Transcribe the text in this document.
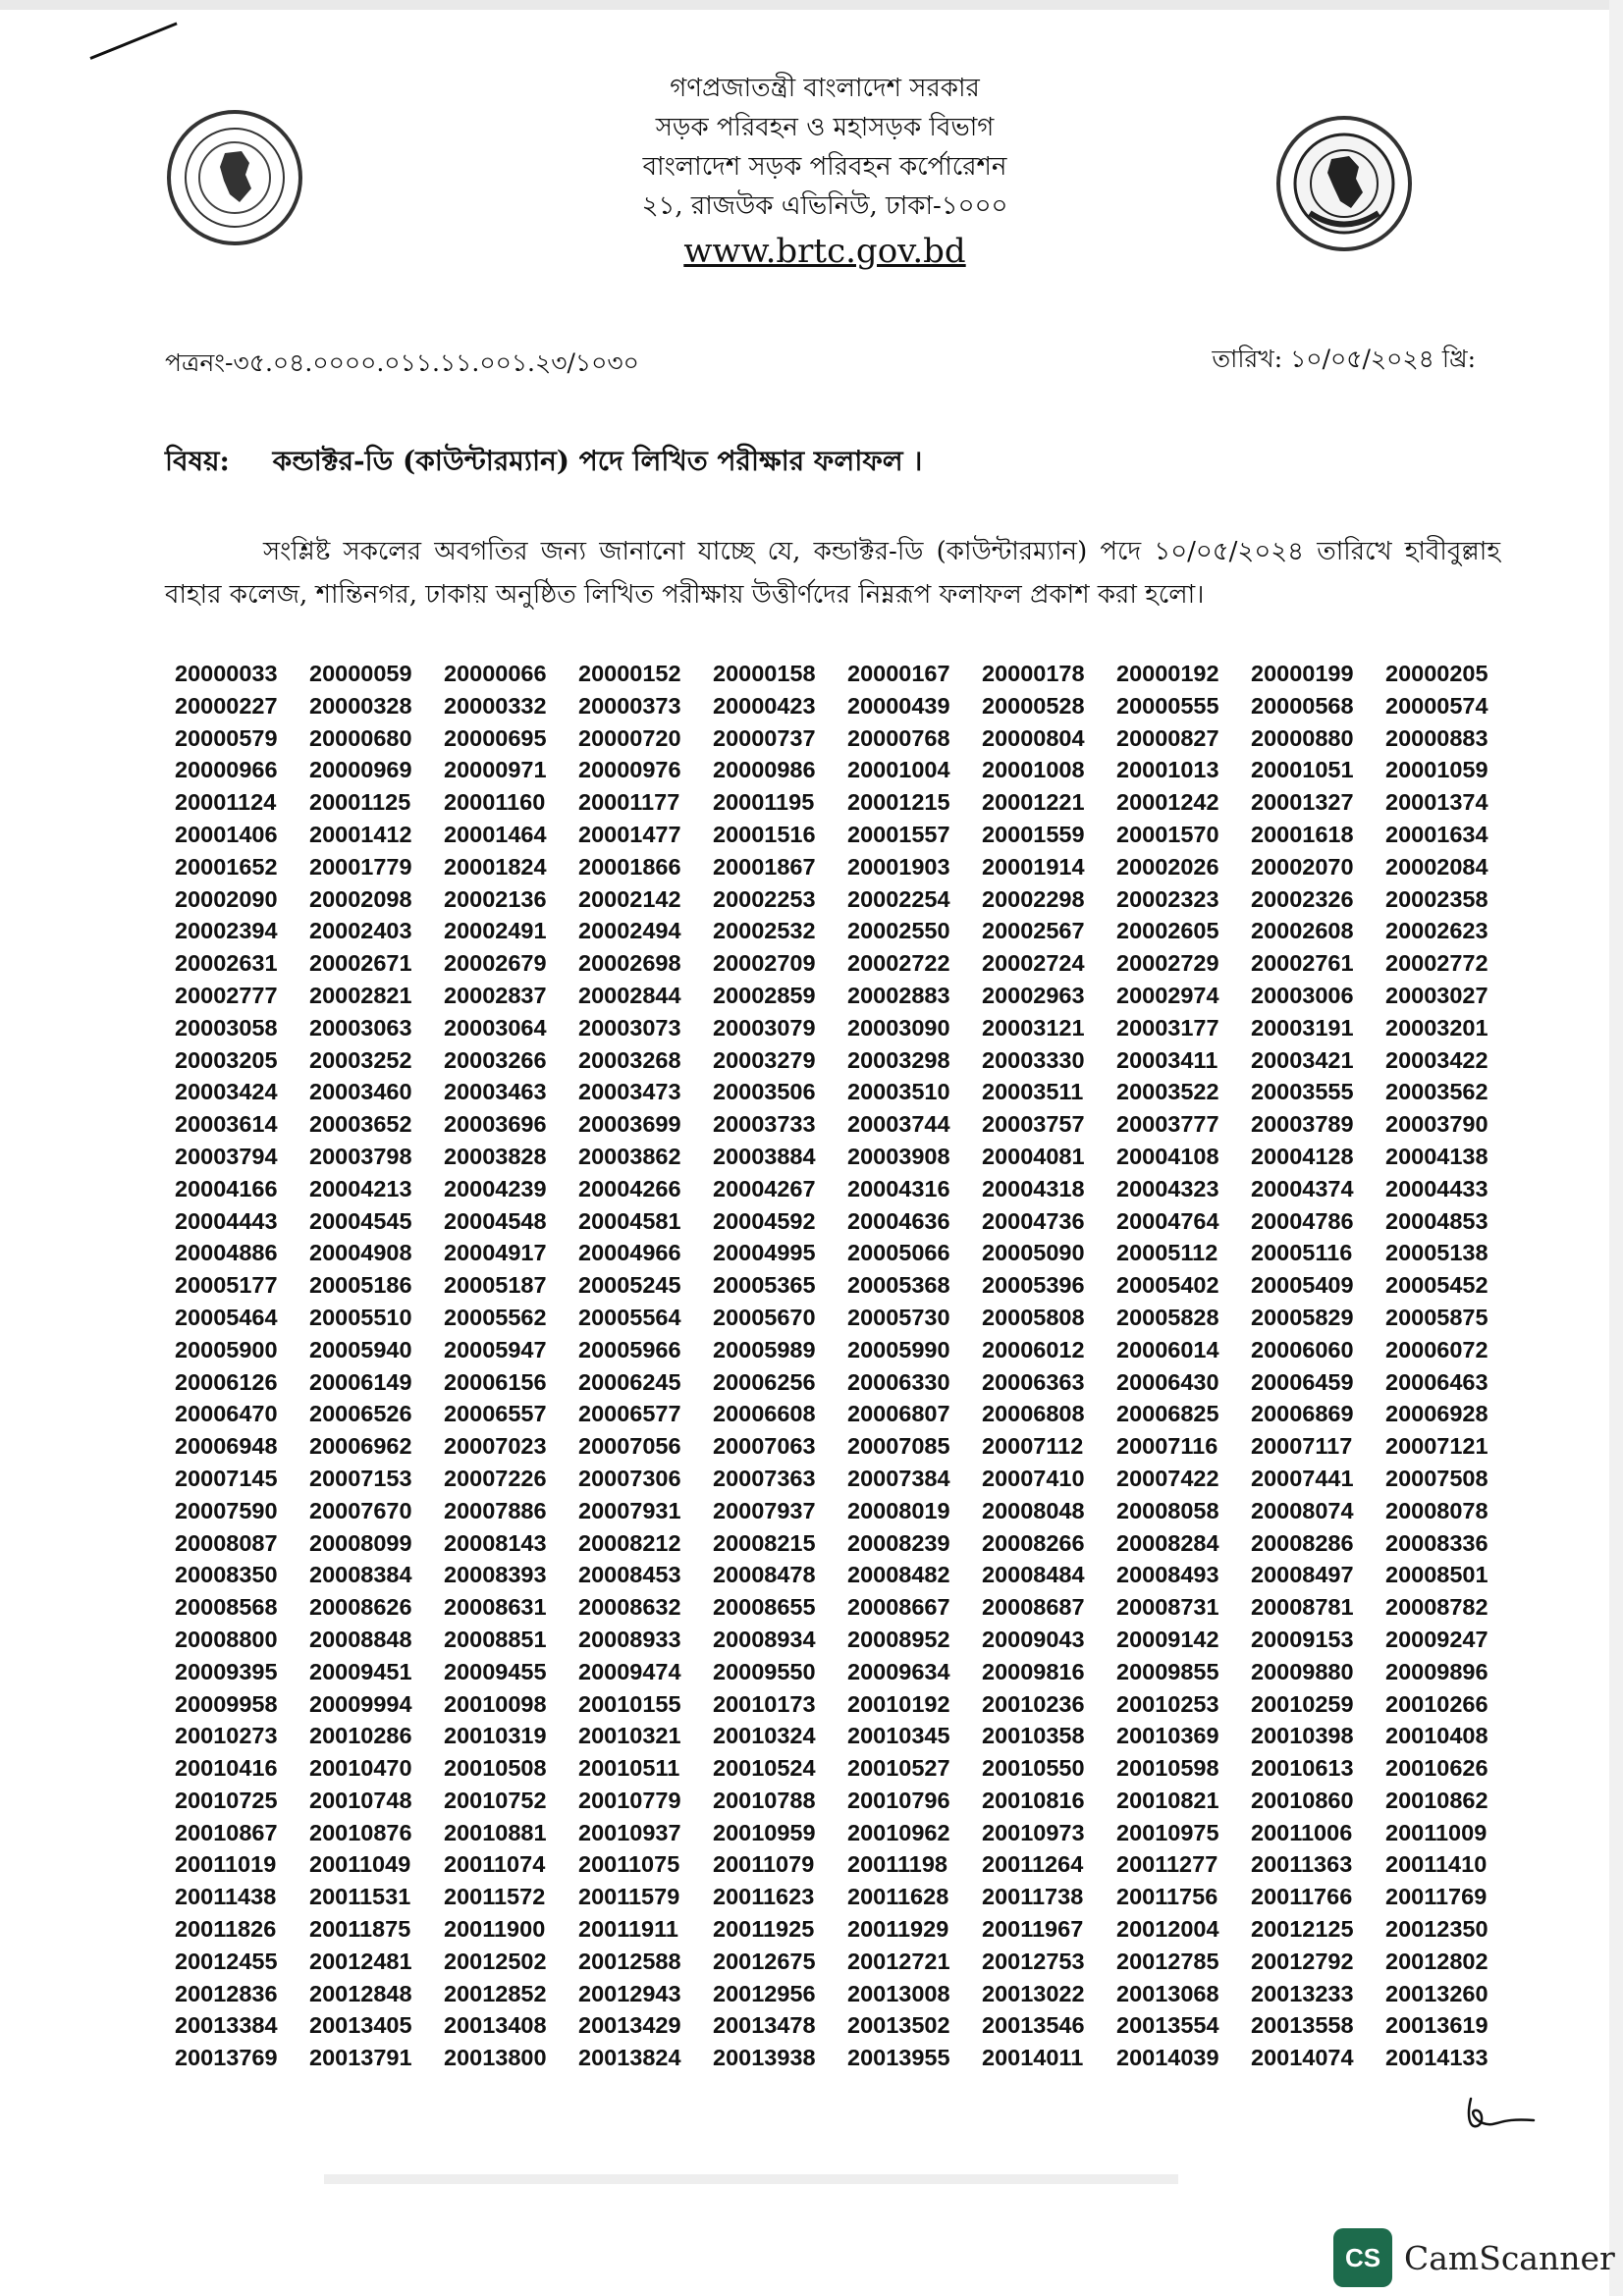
গণপ্রজাতন্ত্রী বাংলাদেশ সরকার
সড়ক পরিবহন ও মহাসড়ক বিভাগ
বাংলাদেশ সড়ক পরিবহন কর্পোরেশন
২১, রাজউক এভিনিউ, ঢাকা-১০০০
www.brtc.gov.bd
পত্রনং-৩৫.০৪.০০০০.০১১.১১.০০১.২৩/১০৩০	তারিখ: ১০/০৫/২০২৪ খ্রি:
বিষয়: কন্ডাক্টর-ডি (কাউন্টারম্যান) পদে লিখিত পরীক্ষার ফলাফল ।
সংশ্লিষ্ট সকলের অবগতির জন্য জানানো যাচ্ছে যে, কন্ডাক্টর-ডি (কাউন্টারম্যান) পদে ১০/০৫/২০২৪ তারিখে হাবীবুল্লাহ বাহার কলেজ, শান্তিনগর, ঢাকায় অনুষ্ঠিত লিখিত পরীক্ষায় উত্তীর্ণদের নিম্নরূপ ফলাফল প্রকাশ করা হলো।
20000033	20000059	20000066	20000152	20000158	20000167	20000178	20000192	20000199	20000205
20000227	20000328	20000332	20000373	20000423	20000439	20000528	20000555	20000568	20000574
20000579	20000680	20000695	20000720	20000737	20000768	20000804	20000827	20000880	20000883
20000966	20000969	20000971	20000976	20000986	20001004	20001008	20001013	20001051	20001059
20001124	20001125	20001160	20001177	20001195	20001215	20001221	20001242	20001327	20001374
20001406	20001412	20001464	20001477	20001516	20001557	20001559	20001570	20001618	20001634
20001652	20001779	20001824	20001866	20001867	20001903	20001914	20002026	20002070	20002084
20002090	20002098	20002136	20002142	20002253	20002254	20002298	20002323	20002326	20002358
20002394	20002403	20002491	20002494	20002532	20002550	20002567	20002605	20002608	20002623
20002631	20002671	20002679	20002698	20002709	20002722	20002724	20002729	20002761	20002772
20002777	20002821	20002837	20002844	20002859	20002883	20002963	20002974	20003006	20003027
20003058	20003063	20003064	20003073	20003079	20003090	20003121	20003177	20003191	20003201
20003205	20003252	20003266	20003268	20003279	20003298	20003330	20003411	20003421	20003422
20003424	20003460	20003463	20003473	20003506	20003510	20003511	20003522	20003555	20003562
20003614	20003652	20003696	20003699	20003733	20003744	20003757	20003777	20003789	20003790
20003794	20003798	20003828	20003862	20003884	20003908	20004081	20004108	20004128	20004138
20004166	20004213	20004239	20004266	20004267	20004316	20004318	20004323	20004374	20004433
20004443	20004545	20004548	20004581	20004592	20004636	20004736	20004764	20004786	20004853
20004886	20004908	20004917	20004966	20004995	20005066	20005090	20005112	20005116	20005138
20005177	20005186	20005187	20005245	20005365	20005368	20005396	20005402	20005409	20005452
20005464	20005510	20005562	20005564	20005670	20005730	20005808	20005828	20005829	20005875
20005900	20005940	20005947	20005966	20005989	20005990	20006012	20006014	20006060	20006072
20006126	20006149	20006156	20006245	20006256	20006330	20006363	20006430	20006459	20006463
20006470	20006526	20006557	20006577	20006608	20006807	20006808	20006825	20006869	20006928
20006948	20006962	20007023	20007056	20007063	20007085	20007112	20007116	20007117	20007121
20007145	20007153	20007226	20007306	20007363	20007384	20007410	20007422	20007441	20007508
20007590	20007670	20007886	20007931	20007937	20008019	20008048	20008058	20008074	20008078
20008087	20008099	20008143	20008212	20008215	20008239	20008266	20008284	20008286	20008336
20008350	20008384	20008393	20008453	20008478	20008482	20008484	20008493	20008497	20008501
20008568	20008626	20008631	20008632	20008655	20008667	20008687	20008731	20008781	20008782
20008800	20008848	20008851	20008933	20008934	20008952	20009043	20009142	20009153	20009247
20009395	20009451	20009455	20009474	20009550	20009634	20009816	20009855	20009880	20009896
20009958	20009994	20010098	20010155	20010173	20010192	20010236	20010253	20010259	20010266
20010273	20010286	20010319	20010321	20010324	20010345	20010358	20010369	20010398	20010408
20010416	20010470	20010508	20010511	20010524	20010527	20010550	20010598	20010613	20010626
20010725	20010748	20010752	20010779	20010788	20010796	20010816	20010821	20010860	20010862
20010867	20010876	20010881	20010937	20010959	20010962	20010973	20010975	20011006	20011009
20011019	20011049	20011074	20011075	20011079	20011198	20011264	20011277	20011363	20011410
20011438	20011531	20011572	20011579	20011623	20011628	20011738	20011756	20011766	20011769
20011826	20011875	20011900	20011911	20011925	20011929	20011967	20012004	20012125	20012350
20012455	20012481	20012502	20012588	20012675	20012721	20012753	20012785	20012792	20012802
20012836	20012848	20012852	20012943	20012956	20013008	20013022	20013068	20013233	20013260
20013384	20013405	20013408	20013429	20013478	20013502	20013546	20013554	20013558	20013619
20013769	20013791	20013800	20013824	20013938	20013955	20014011	20014039	20014074	20014133
CS CamScanner
